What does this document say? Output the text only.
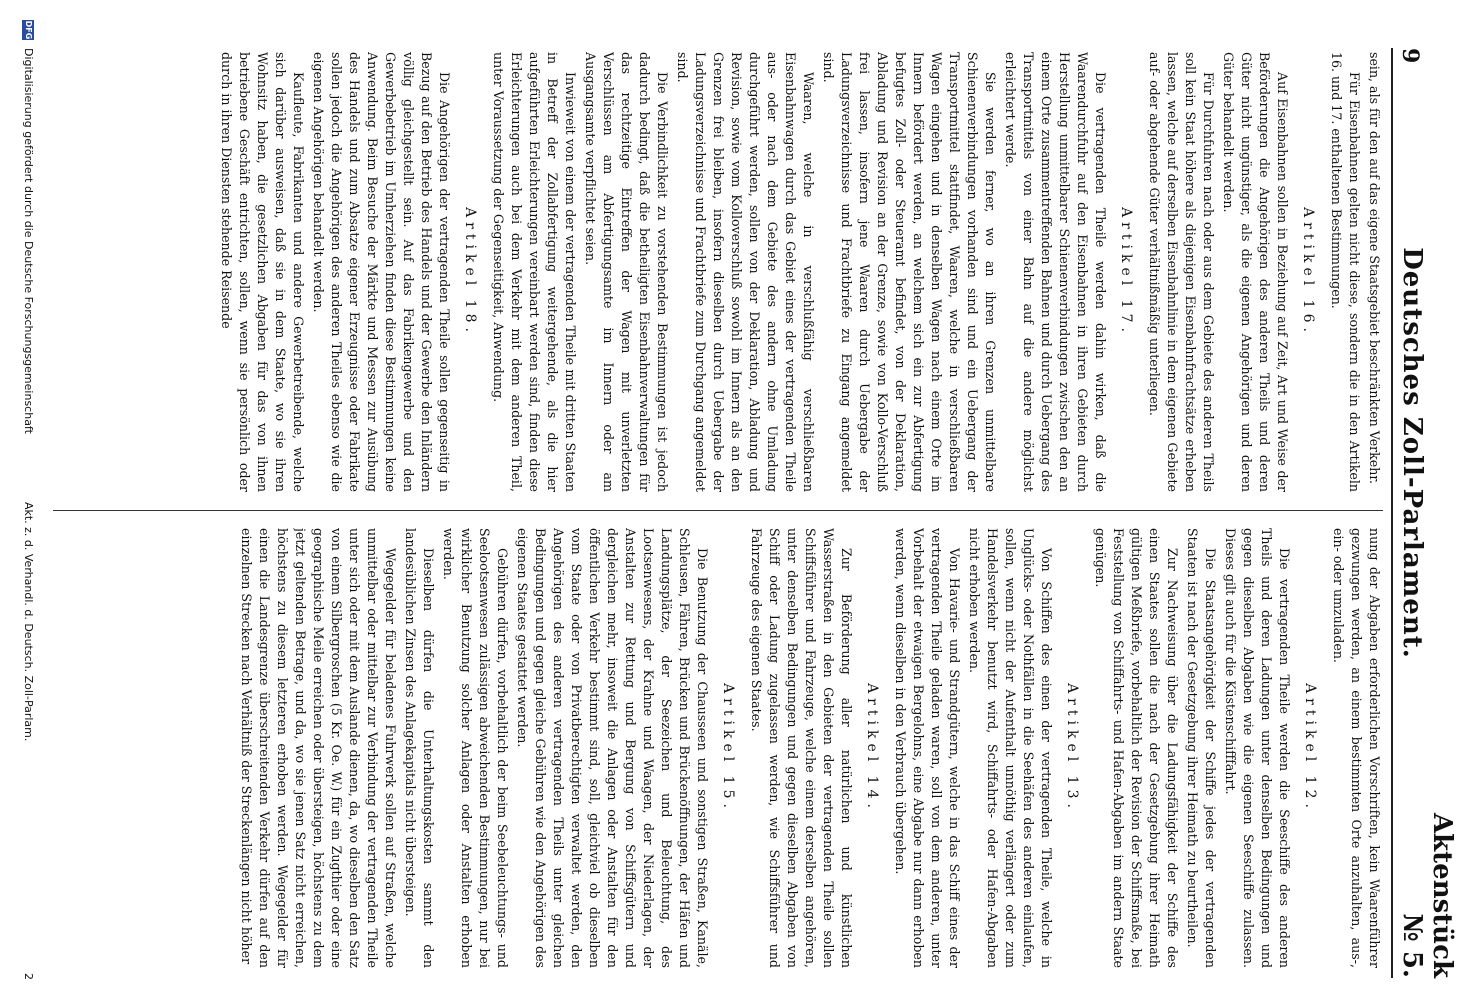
9
Deutsches Zoll-Parlament.
Aktenstück № 5.

sein, als für den auf das eigene Staatsgebiet beschränkten Verkehr.

Für Eisenbahnen gelten nicht diese, sondern die in den Artikeln 16. und 17. enthaltenen Bestimmungen.

Artikel 16.

Auf Eisenbahnen sollen in Beziehung auf Zeit, Art und Weise der Beförderungen die Angehörigen des anderen Theils und deren Güter nicht ungünstiger, als die eigenen Angehörigen und deren Güter behandelt werden.

Für Durchfuhren nach oder aus dem Gebiete des anderen Theils soll kein Staat höhere als diejenigen Eisenbahnfrachtsätze erheben lassen, welche auf derselben Eisenbahnlinie in dem eigenen Gebiete auf- oder abgehende Güter verhältnißmäßig unterliegen.

Artikel 17.

Die vertragenden Theile werden dahin wirken, daß die Waarendurchfuhr auf den Eisenbahnen in ihren Gebieten durch Herstellung unmittelbarer Schienenverbindungen zwischen den an einem Orte zusammentreffenden Bahnen und durch Uebergang des Transportmittels von einer Bahn auf die andere möglichst erleichtert werde.

Sie werden ferner, wo an ihren Grenzen unmittelbare Schienenverbindungen vorhanden sind und ein Uebergang der Transportmittel stattfindet, Waaren, welche in verschließbaren Wagen eingehen und in denselben Wagen nach einem Orte im Innern befördert werden, an welchem sich ein zur Abfertigung befugtes Zoll- oder Steueramt befindet, von der Deklaration, Abladung und Revision an der Grenze, sowie von Kollo-Verschluß frei lassen, insofern jene Waaren durch Uebergabe der Ladungsverzeichnisse und Frachtbriefe zu Eingang angemeldet sind.

Waaren, welche in verschlußfähig verschließbaren Eisenbahnwagen durch das Gebiet eines der vertragenden Theile aus- oder nach dem Gebiete des andern ohne Umladung durchgeführt werden, sollen von der Deklaration, Abladung und Revision, sowie vom Kolloverschluß sowohl im Innern als an den Grenzen frei bleiben, insofern dieselben durch Uebergabe der Ladungsverzeichnisse und Frachtbriefe zum Durchgang angemeldet sind.

Die Verbindlichkeit zu vorstehenden Bestimmungen ist jedoch dadurch bedingt, daß die betheiligten Eisenbahnverwaltungen für das rechtzeitige Eintreffen der Wagen mit unverletzten Verschlüssen am Abfertigungsamte im Innern oder am Ausgangsamte verpflichtet seien.

Inwieweit von einem der vertragenden Theile mit dritten Staaten in Betreff der Zollabfertigung weitergehende, als die hier aufgeführten Erleichterungen vereinbart werden sind, finden diese Erleichterungen auch bei dem Verkehr mit dem anderen Theil, unter Voraussetzung der Gegenseitigkeit, Anwendung.

Artikel 18.

Die Angehörigen der vertragenden Theile sollen gegenseitig in Bezug auf den Betrieb des Handels und der Gewerbe den Inländern völlig gleichgestellt sein. Auf das Fabrikengewerbe und den Gewerbebetrieb im Umherziehen finden diese Bestimmungen keine Anwendung. Beim Besuche der Märkte und Messen zur Ausübung des Handels und zum Absatze eigener Erzeugnisse oder Fabrikate sollen jedoch die Angehörigen des anderen Theiles ebenso wie die eigenen Angehörigen behandelt werden.

Kaufleute, Fabrikanten und andere Gewerbetreibende, welche sich darüber ausweisen, daß sie in dem Staate, wo sie ihren Wohnsitz haben, die gesetzlichen Abgaben für das von ihnen betriebene Geschäft entrichten, sollen, wenn sie persönlich oder durch in ihren Diensten stehende Reisende

nung der Abgaben erforderlichen Vorschriften, kein Waarenführer gezwungen werden, an einem bestimmten Orte anzuhalten, aus-, ein- oder umzuladen.

Artikel 12.

Die vertragenden Theile werden die Seeschiffe des anderen Theils und deren Ladungen unter denselben Bedingungen und gegen dieselben Abgaben wie die eigenen Seeschiffe zulassen. Dieses gilt auch für die Küstenschifffahrt.

Die Staatsangehörigkeit der Schiffe jedes der vertragenden Staaten ist nach der Gesetzgebung ihrer Heimath zu beurtheilen.

Zur Nachweisung über die Ladungsfähigkeit der Schiffe des einen Staates sollen die nach der Gesetzgebung ihrer Heimath gültigen Meßbriefe, vorbehaltlich der Revision der Schiffsmaße, bei Feststellung von Schiffahrts- und Hafen-Abgaben im andern Staate genügen.

Artikel 13.

Von Schiffen des einen der vertragenden Theile, welche in Unglücks- oder Nothfällen in die Seehäfen des anderen einlaufen, sollen, wenn nicht der Aufenthalt unnöthig verlängert oder zum Handelsverkehr benutzt wird, Schiffahrts- oder Hafen-Abgaben nicht erhoben werden.

Von Havarie- und Strandgütern, welche in das Schiff eines der vertragenden Theile geladen waren, soll von dem anderen, unter Vorbehalt der etwaigen Bergelohns, eine Abgabe nur dann erhoben werden, wenn dieselben in den Verbrauch übergehen.

Artikel 14.

Zur Beförderung aller natürlichen und künstlichen Wasserstraßen in den Gebieten der vertragenden Theile sollen Schiffsführer und Fahrzeuge, welche einem derselben angehören, unter denselben Bedingungen und gegen dieselben Abgaben von Schiff oder Ladung zugelassen werden, wie Schiffsführer und Fahrzeuge des eigenen Staates.

Artikel 15.

Die Benutzung der Chausseen und sonstigen Straßen, Kanäle, Schleusen, Fähren, Brücken und Brückenöffnungen, der Häfen und Landungsplätze, der Seezeichen und Beleuchtung, des Lootsenwesens, der Krahne und Waagen, der Niederlagen, der Anstalten zur Rettung und Bergung von Schiffsgütern und dergleichen mehr, insoweit die Anlagen oder Anstalten für den öffentlichen Verkehr bestimmt sind, soll, gleichviel ob dieselben vom Staate oder von Privatberechtigten verwaltet werden, den Angehörigen des anderen vertragenden Theils unter gleichen Bedingungen und gegen gleiche Gebühren wie den Angehörigen des eigenen Staates gestattet werden.

Gebühren dürfen, vorbehaltlich der beim Seebeleuchtungs- und Seelootsenwesen zulässigen abweichenden Bestimmungen, nur bei wirklicher Benutzung solcher Anlagen oder Anstalten erhoben werden.

Dieselben dürfen die Unterhaltungskosten sammt den landesüblichen Zinsen des Anlagekapitals nicht übersteigen.

Wegegelder für beladenes Fuhrwerk sollen auf Straßen, welche unmittelbar oder mittelbar zur Verbindung der vertragenden Theile unter sich oder mit dem Auslande dienen, da, wo dieselben den Satz von einem Silbergroschen (5 Kr. Oe. W.) für ein Zugthier oder eine geographische Meile erreichen oder übersteigen, höchstens zu dem jetzt geltenden Betrage, und da, wo sie jenen Satz nicht erreichen, höchstens zu diesem letzteren erhoben werden. Wegegelder für einen die Landesgrenze überschreitenden Verkehr dürfen auf den einzelnen Strecken nach Verhältniß der Streckenlängen nicht höher

DFG
Digitalisierung gefördert durch die Deutsche Forschungsgemeinschaft
Akt. z. d. Verhandl. d. Deutsch. Zoll-Parlam.
2
